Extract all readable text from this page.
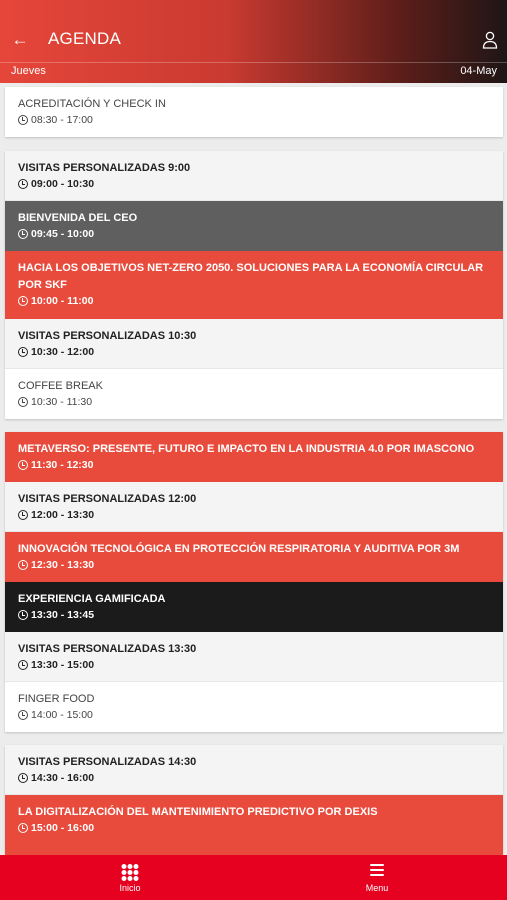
← AGENDA
Jueves	04-May
ACREDITACIÓN Y CHECK IN
08:30 - 17:00
VISITAS PERSONALIZADAS 9:00
09:00 - 10:30
BIENVENIDA DEL CEO
09:45 - 10:00
HACIA LOS OBJETIVOS NET-ZERO 2050. SOLUCIONES PARA LA ECONOMÍA CIRCULAR POR SKF
10:00 - 11:00
VISITAS PERSONALIZADAS 10:30
10:30 - 12:00
COFFEE BREAK
10:30 - 11:30
METAVERSO: PRESENTE, FUTURO E IMPACTO EN LA INDUSTRIA 4.0 POR IMASCONO
11:30 - 12:30
VISITAS PERSONALIZADAS 12:00
12:00 - 13:30
INNOVACIÓN TECNOLÓGICA EN PROTECCIÓN RESPIRATORIA Y AUDITIVA POR 3M
12:30 - 13:30
EXPERIENCIA GAMIFICADA
13:30 - 13:45
VISITAS PERSONALIZADAS 13:30
13:30 - 15:00
FINGER FOOD
14:00 - 15:00
VISITAS PERSONALIZADAS 14:30
14:30 - 16:00
LA DIGITALIZACIÓN DEL MANTENIMIENTO PREDICTIVO POR DEXIS
15:00 - 16:00
Inicio	Menu
